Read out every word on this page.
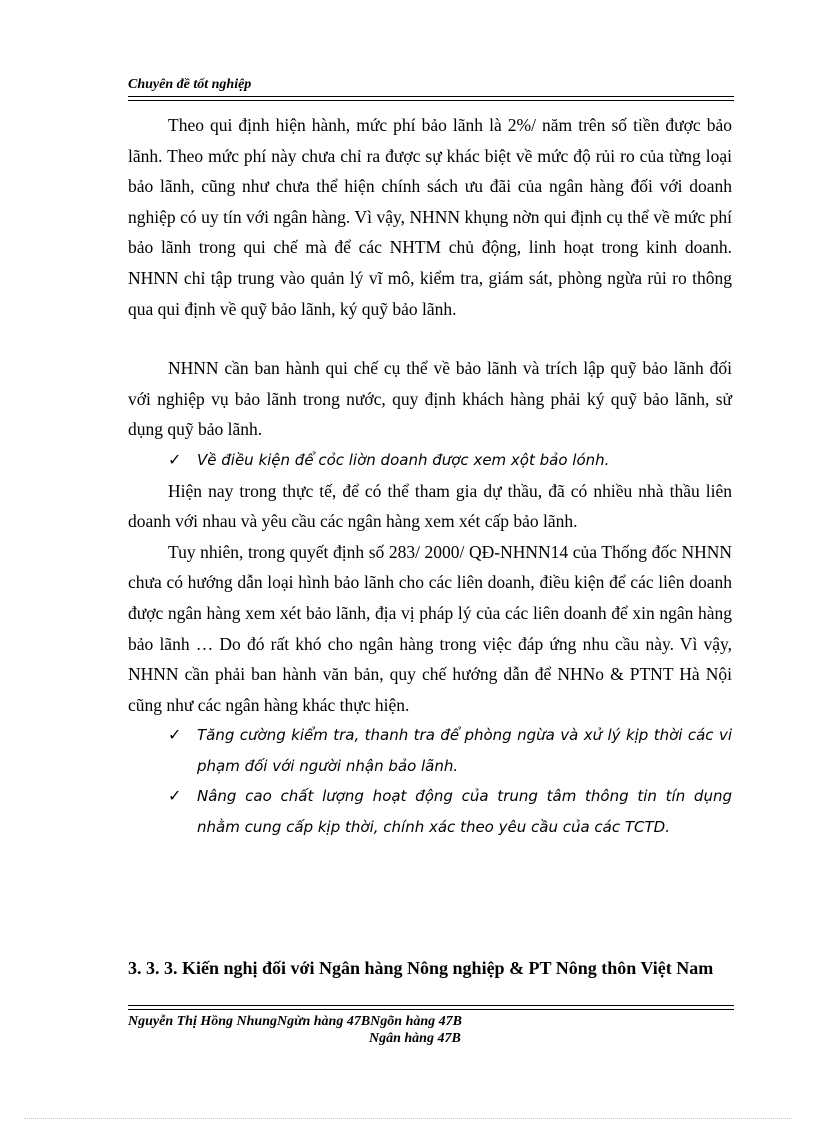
Chuyên đề tốt nghiệp

Theo qui định hiện hành, mức phí bảo lãnh là 2%/ năm trên số tiền được bảo lãnh. Theo mức phí này chưa chỉ ra được sự khác biệt về mức độ rủi ro của từng loại bảo lãnh, cũng như chưa thể hiện chính sách ưu đãi của ngân hàng đối với doanh nghiệp có uy tín với ngân hàng. Vì vậy, NHNN khụng nờn qui định cụ thể về mức phí bảo lãnh trong qui chế mà để các NHTM chủ động, linh hoạt trong kinh doanh. NHNN chỉ tập trung vào quản lý vĩ mô, kiểm tra, giám sát, phòng ngừa rủi ro thông qua qui định về quỹ bảo lãnh, ký quỹ bảo lãnh.

NHNN cần ban hành qui chế cụ thể về bảo lãnh và trích lập quỹ bảo lãnh đối với nghiệp vụ bảo lãnh trong nước, quy định khách hàng phải ký quỹ bảo lãnh, sử dụng quỹ bảo lãnh.

✓ Về điều kiện để cỏc liờn doanh được xem xột bảo lónh.

Hiện nay trong thực tế, để có thể tham gia dự thầu, đã có nhiều nhà thầu liên doanh với nhau và yêu cầu các ngân hàng xem xét cấp bảo lãnh.

Tuy nhiên, trong quyết định số 283/ 2000/ QĐ-NHNN14 của Thống đốc NHNN chưa có hướng dẫn loại hình bảo lãnh cho các liên doanh, điều kiện để các liên doanh được ngân hàng xem xét bảo lãnh, địa vị pháp lý của các liên doanh để xin ngân hàng bảo lãnh … Do đó rất khó cho ngân hàng trong việc đáp ứng nhu cầu này. Vì vậy, NHNN cần phải ban hành văn bản, quy chế hướng dẫn để NHNo & PTNT Hà Nội cũng như các ngân hàng khác thực hiện.

✓ Tăng cường kiểm tra, thanh tra để phòng ngừa và xử lý kịp thời các vi phạm đối với người nhận bảo lãnh.
✓ Nâng cao chất lượng hoạt động của trung tâm thông tin tín dụng nhằm cung cấp kịp thời, chính xác theo yêu cầu của các TCTD.
3. 3. 3. Kiến nghị đối với Ngân hàng Nông nghiệp & PT Nông thôn Việt Nam
Nguyễn Thị Hồng NhungNgừn hàng 47BNgõn hàng 47B
Ngân hàng 47B
